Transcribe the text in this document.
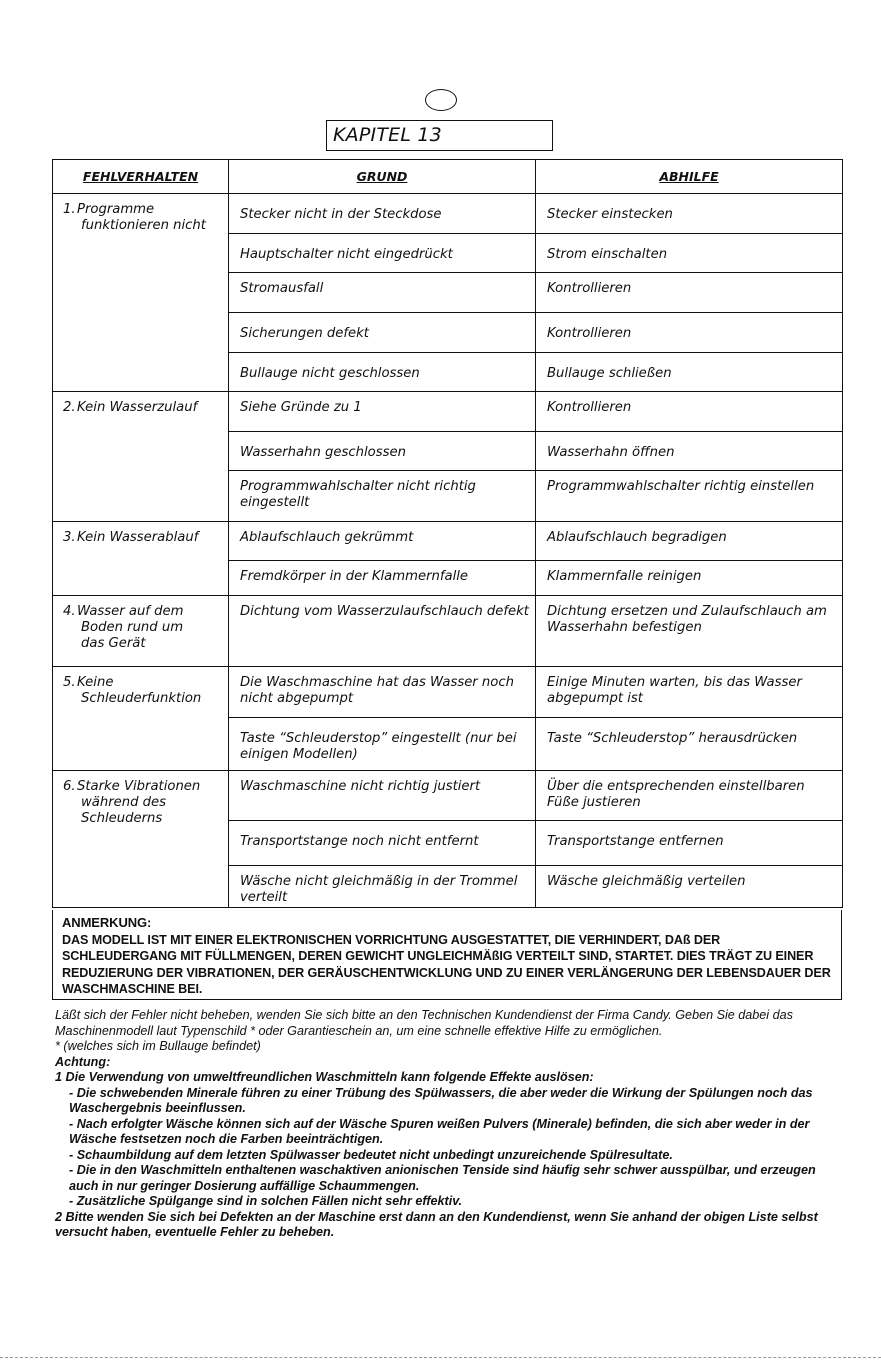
KAPITEL 13
FEHLVERHALTEN	GRUND	ABHILFE
1.Programme
funktionieren nicht	Stecker nicht in der Steckdose	Stecker einstecken
	Hauptschalter nicht eingedrückt	Strom einschalten
	Stromausfall	Kontrollieren
	Sicherungen defekt	Kontrollieren
	Bullauge nicht geschlossen	Bullauge schließen
2.Kein Wasserzulauf	Siehe Gründe zu 1	Kontrollieren
	Wasserhahn geschlossen	Wasserhahn öffnen
	Programmwahlschalter nicht richtig eingestellt	Programmwahlschalter richtig einstellen
3.Kein Wasserablauf	Ablaufschlauch gekrümmt	Ablaufschlauch begradigen
	Fremdkörper in der Klammernfalle	Klammernfalle reinigen
4.Wasser auf dem
Boden rund um
das Gerät	Dichtung vom Wasserzulaufschlauch defekt	Dichtung ersetzen und Zulaufschlauch am Wasserhahn befestigen
5.Keine
Schleuderfunktion	Die Waschmaschine hat das Wasser noch nicht abgepumpt	Einige Minuten warten, bis das Wasser abgepumpt ist
	Taste “Schleuderstop” eingestellt (nur bei einigen Modellen)	Taste “Schleuderstop” herausdrücken
6.Starke Vibrationen
während des
Schleuderns	Waschmaschine nicht richtig justiert	Über die entsprechenden einstellbaren Füße justieren
	Transportstange noch nicht entfernt	Transportstange entfernen
	Wäsche nicht gleichmäßig in der Trommel verteilt	Wäsche gleichmäßig verteilen
ANMERKUNG:
DAS MODELL IST MIT EINER ELEKTRONISCHEN VORRICHTUNG AUSGESTATTET, DIE VERHINDERT, DAß DER SCHLEUDERGANG MIT FÜLLMENGEN, DEREN GEWICHT UNGLEICHMÄßIG VERTEILT SIND, STARTET. DIES TRÄGT ZU EINER REDUZIERUNG DER VIBRATIONEN, DER GERÄUSCHENTWICKLUNG UND ZU EINER VERLÄNGERUNG DER LEBENSDAUER DER WASCHMASCHINE BEI.

Läßt sich der Fehler nicht beheben, wenden Sie sich bitte an den Technischen Kundendienst der Firma Candy. Geben Sie dabei das Maschinenmodell laut Typenschild * oder Garantieschein an, um eine schnelle effektive Hilfe zu ermöglichen.

* (welches sich im Bullauge befindet)

Achtung:

1 Die Verwendung von umweltfreundlichen Waschmitteln kann folgende Effekte auslösen:

- Die schwebenden Minerale führen zu einer Trübung des Spülwassers, die aber weder die Wirkung der Spülungen noch das Waschergebnis beeinflussen.

- Nach erfolgter Wäsche können sich auf der Wäsche Spuren weißen Pulvers (Minerale) befinden, die sich aber weder in der Wäsche festsetzen noch die Farben beeinträchtigen.

- Schaumbildung auf dem letzten Spülwasser bedeutet nicht unbedingt unzureichende Spülresultate.

- Die in den Waschmitteln enthaltenen waschaktiven anionischen Tenside sind häufig sehr schwer ausspülbar, und erzeugen auch in nur geringer Dosierung auffällige Schaummengen.

- Zusätzliche Spülgange sind in solchen Fällen nicht sehr effektiv.

2 Bitte wenden Sie sich bei Defekten an der Maschine erst dann an den Kundendienst, wenn Sie anhand der obigen Liste selbst versucht haben, eventuelle Fehler zu beheben.
